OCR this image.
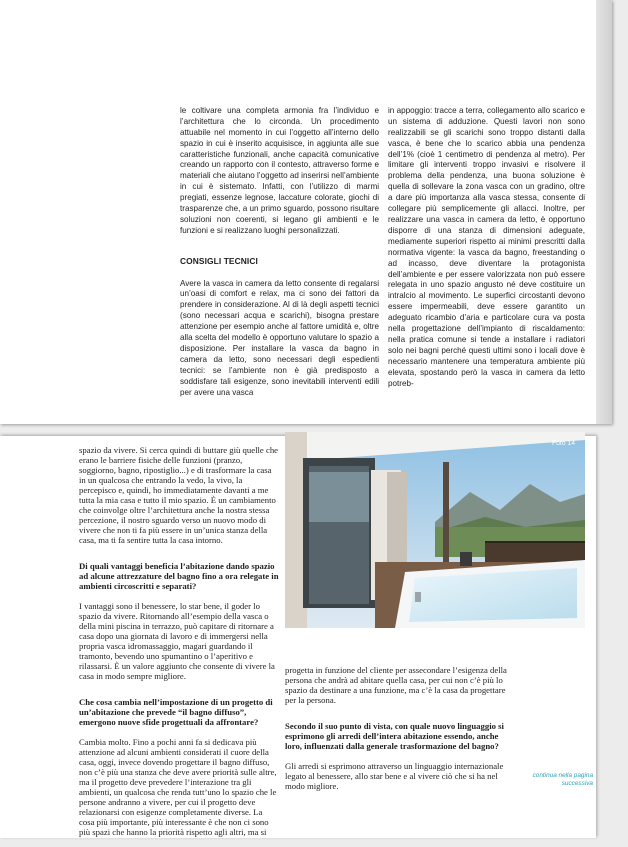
le coltivare una completa armonia fra l’individuo e l’architettura che lo circonda. Un procedimento attuabile nel momento in cui l’oggetto all’interno dello spazio in cui è inserito acquisisce, in aggiunta alle sue caratteristiche funzionali, anche capacità comunicative creando un rapporto con il contesto, attraverso forme e materiali che aiutano l’oggetto ad inserirsi nell’ambiente in cui è sistemato. Infatti, con l’utilizzo di marmi pregiati, essenze legnose, laccature colorate, giochi di trasparenze che, a un primo sguardo, possono risultare soluzioni non coerenti, si legano gli ambienti e le funzioni e si realizzano luoghi personalizzati.

CONSIGLI TECNICI

Avere la vasca in camera da letto consente di regalarsi un’oasi di comfort e relax, ma ci sono dei fattori da prendere in considerazione. Al di là degli aspetti tecnici (sono necessari acqua e scarichi), bisogna prestare attenzione per esempio anche al fattore umidità e, oltre alla scelta del modello è opportuno valutare lo spazio a disposizione. Per installare la vasca da bagno in camera da letto, sono necessari degli espedienti tecnici: se l’ambiente non è già predisposto a soddisfare tali esigenze, sono inevitabili interventi edili per avere una vasca

in appoggio: tracce a terra, collegamento allo scarico e un sistema di adduzione. Questi lavori non sono realizzabili se gli scarichi sono troppo distanti dalla vasca, è bene che lo scarico abbia una pendenza dell’1% (cioè 1 centimetro di pendenza al metro). Per limitare gli interventi troppo invasivi e risolvere il problema della pendenza, una buona soluzione è quella di sollevare la zona vasca con un gradino, oltre a dare più importanza alla vasca stessa, consente di collegare più semplicemente gli allacci. Inoltre, per realizzare una vasca in camera da letto, è opportuno disporre di una stanza di dimensioni adeguate, mediamente superiori rispetto ai minimi prescritti dalla normativa vigente: la vasca da bagno, freestanding o ad incasso, deve diventare la protagonista dell’ambiente e per essere valorizzata non può essere relegata in uno spazio angusto né deve costituire un intralcio al movimento. Le superfici circostanti devono essere impermeabili, deve essere garantito un adeguato ricambio d’aria e particolare cura va posta nella progettazione dell’impianto di riscaldamento: nella pratica comune si tende a installare i radiatori solo nei bagni perché questi ultimi sono i locali dove è necessario mantenere una temperatura ambiente più elevata, spostando però la vasca in camera da letto potreb-

spazio da vivere. Si cerca quindi di buttare giù quelle che erano le barriere fisiche delle funzioni (pranzo, soggiorno, bagno, ripostiglio...) e di trasformare la casa in un qualcosa che entrando la vedo, la vivo, la percepisco e, quindi, ho immediatamente davanti a me tutta la mia casa e tutto il mio spazio. È un cambiamento che coinvolge oltre l’architettura anche la nostra stessa percezione, il nostro sguardo verso un nuovo modo di vivere che non ti fa più essere in un’unica stanza della casa, ma ti fa sentire tutta la casa intorno.

Di quali vantaggi beneficia l’abitazione dando spazio ad alcune attrezzature del bagno fino a ora relegate in ambienti circoscritti e separati?

I vantaggi sono il benessere, lo star bene, il goder lo spazio da vivere. Ritornando all’esempio della vasca o della mini piscina in terrazzo, può capitare di ritornare a casa dopo una giornata di lavoro e di immergersi nella propria vasca idromassaggio, magari guardando il tramonto, bevendo uno spumantino o l’aperitivo e rilassarsi. È un valore aggiunto che consente di vivere la casa in modo sempre migliore.

Che cosa cambia nell’impostazione di un progetto di un’abitazione che prevede “il bagno diffuso”, emergono nuove sfide progettuali da affrontare?

Cambia molto. Fino a pochi anni fa si dedicava più attenzione ad alcuni ambienti considerati il cuore della casa, oggi, invece dovendo progettare il bagno diffuso, non c’è più una stanza che deve avere priorità sulle altre, ma il progetto deve prevedere l’interazione tra gli ambienti, un qualcosa che renda tutt’uno lo spazio che le persone andranno a vivere, per cui il progetto deve relazionarsi con esigenze completamente diverse. La cosa più importante, più interessante è che non ci sono più spazi che hanno la priorità rispetto agli altri, ma si

Foto 14

progetta in funzione del cliente per assecondare l’esigenza della persona che andrà ad abitare quella casa, per cui non c’è più lo spazio da destinare a una funzione, ma c’è la casa da progettare per la persona.

Secondo il suo punto di vista, con quale nuovo linguaggio si esprimono gli arredi dell’intera abitazione essendo, anche loro, influenzati dalla generale trasformazione del bagno?

Gli arredi si esprimono attraverso un linguaggio internazionale legato al benessere, allo star bene e al vivere ciò che si ha nel modo migliore.

continua nella pagina successiva
